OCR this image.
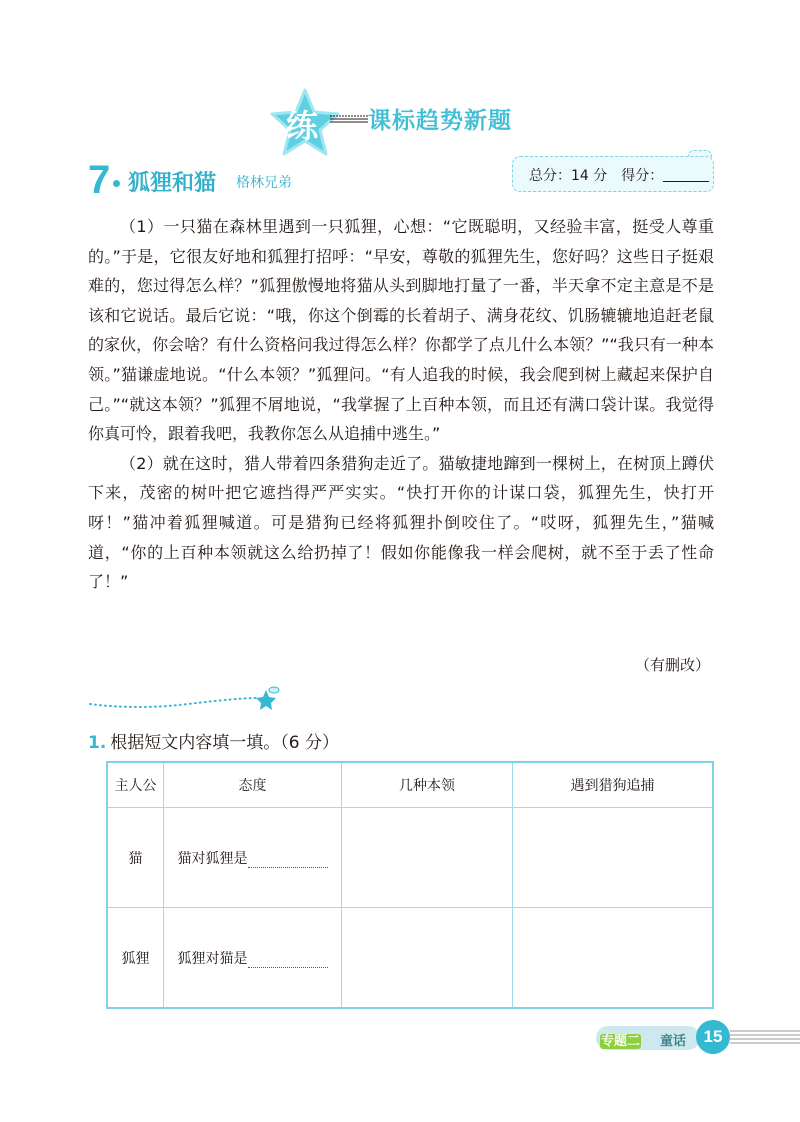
练 课标趋势新题
7 狐狸和猫 格林兄弟	总分：14 分　得分：

（1）一只猫在森林里遇到一只狐狸，心想：“它既聪明，又经验丰富，挺受人尊重的。”于是，它很友好地和狐狸打招呼：“早安，尊敬的狐狸先生，您好吗？这些日子挺艰难的，您过得怎么样？”狐狸傲慢地将猫从头到脚地打量了一番，半天拿不定主意是不是该和它说话。最后它说：“哦，你这个倒霉的长着胡子、满身花纹、饥肠辘辘地追赶老鼠的家伙，你会啥？有什么资格问我过得怎么样？你都学了点儿什么本领？”“我只有一种本领。”猫谦虚地说。“什么本领？”狐狸问。“有人追我的时候，我会爬到树上藏起来保护自己。”“就这本领？”狐狸不屑地说，“我掌握了上百种本领，而且还有满口袋计谋。我觉得你真可怜，跟着我吧，我教你怎么从追捕中逃生。”

（2）就在这时，猎人带着四条猎狗走近了。猫敏捷地蹿到一棵树上，在树顶上蹲伏下来，茂密的树叶把它遮挡得严严实实。“快打开你的计谋口袋，狐狸先生，快打开呀！”猫冲着狐狸喊道。可是猎狗已经将狐狸扑倒咬住了。“哎呀，狐狸先生，”猫喊道，“你的上百种本领就这么给扔掉了！假如你能像我一样会爬树，就不至于丢了性命了！”

（有删改）
1. 根据短文内容填一填。（6 分）
主人公	态度	几种本领	遇到猎狗追捕
猫	猫对狐狸是		
狐狸	狐狸对猫是		
专题二 童话	15
